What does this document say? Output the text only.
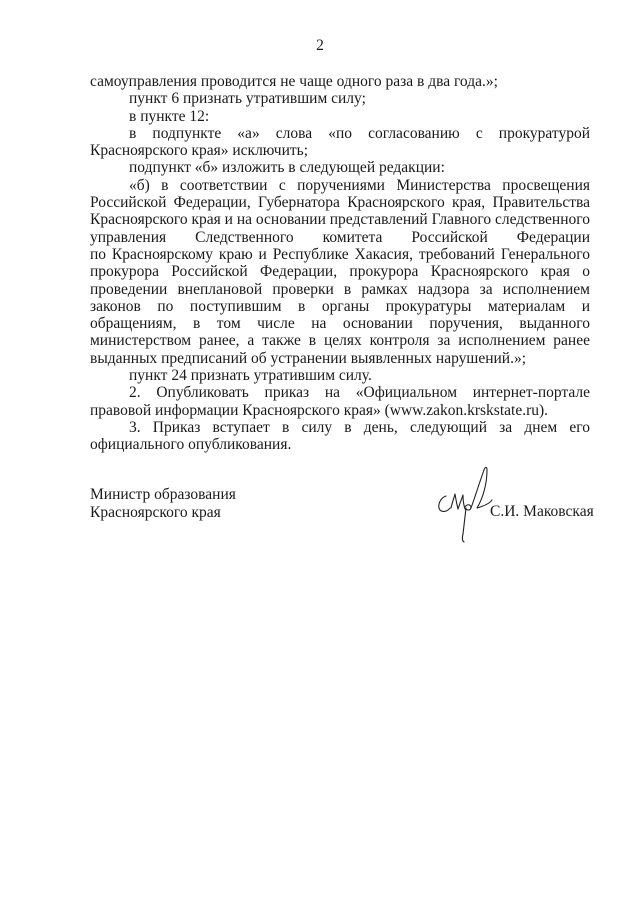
2

самоуправления проводится не чаще одного раза в два года.»;

пункт 6 признать утратившим силу;

в пункте 12:

в подпункте «а» слова «по согласованию с прокуратурой Красноярского края» исключить;

подпункт «б» изложить в следующей редакции:

«б) в соответствии с поручениями Министерства просвещения Российской Федерации, Губернатора Красноярского края, Правительства Красноярского края и на основании представлений Главного следственного управления Следственного комитета Российской Федерации

по Красноярскому краю и Республике Хакасия, требований Генерального прокурора Российской Федерации, прокурора Красноярского края о проведении внеплановой проверки в рамках надзора за исполнением законов по поступившим в органы прокуратуры материалам и обращениям, в том числе на основании поручения, выданного министерством ранее, а также в целях контроля за исполнением ранее выданных предписаний об устранении выявленных нарушений.»;

пункт 24 признать утратившим силу.

2. Опубликовать приказ на «Официальном интернет-портале правовой информации Красноярского края» (www.zakon.krskstate.ru).

3. Приказ вступает в силу в день, следующий за днем его официального опубликования.

Министр образования
Красноярского края	С.И. Маковская
